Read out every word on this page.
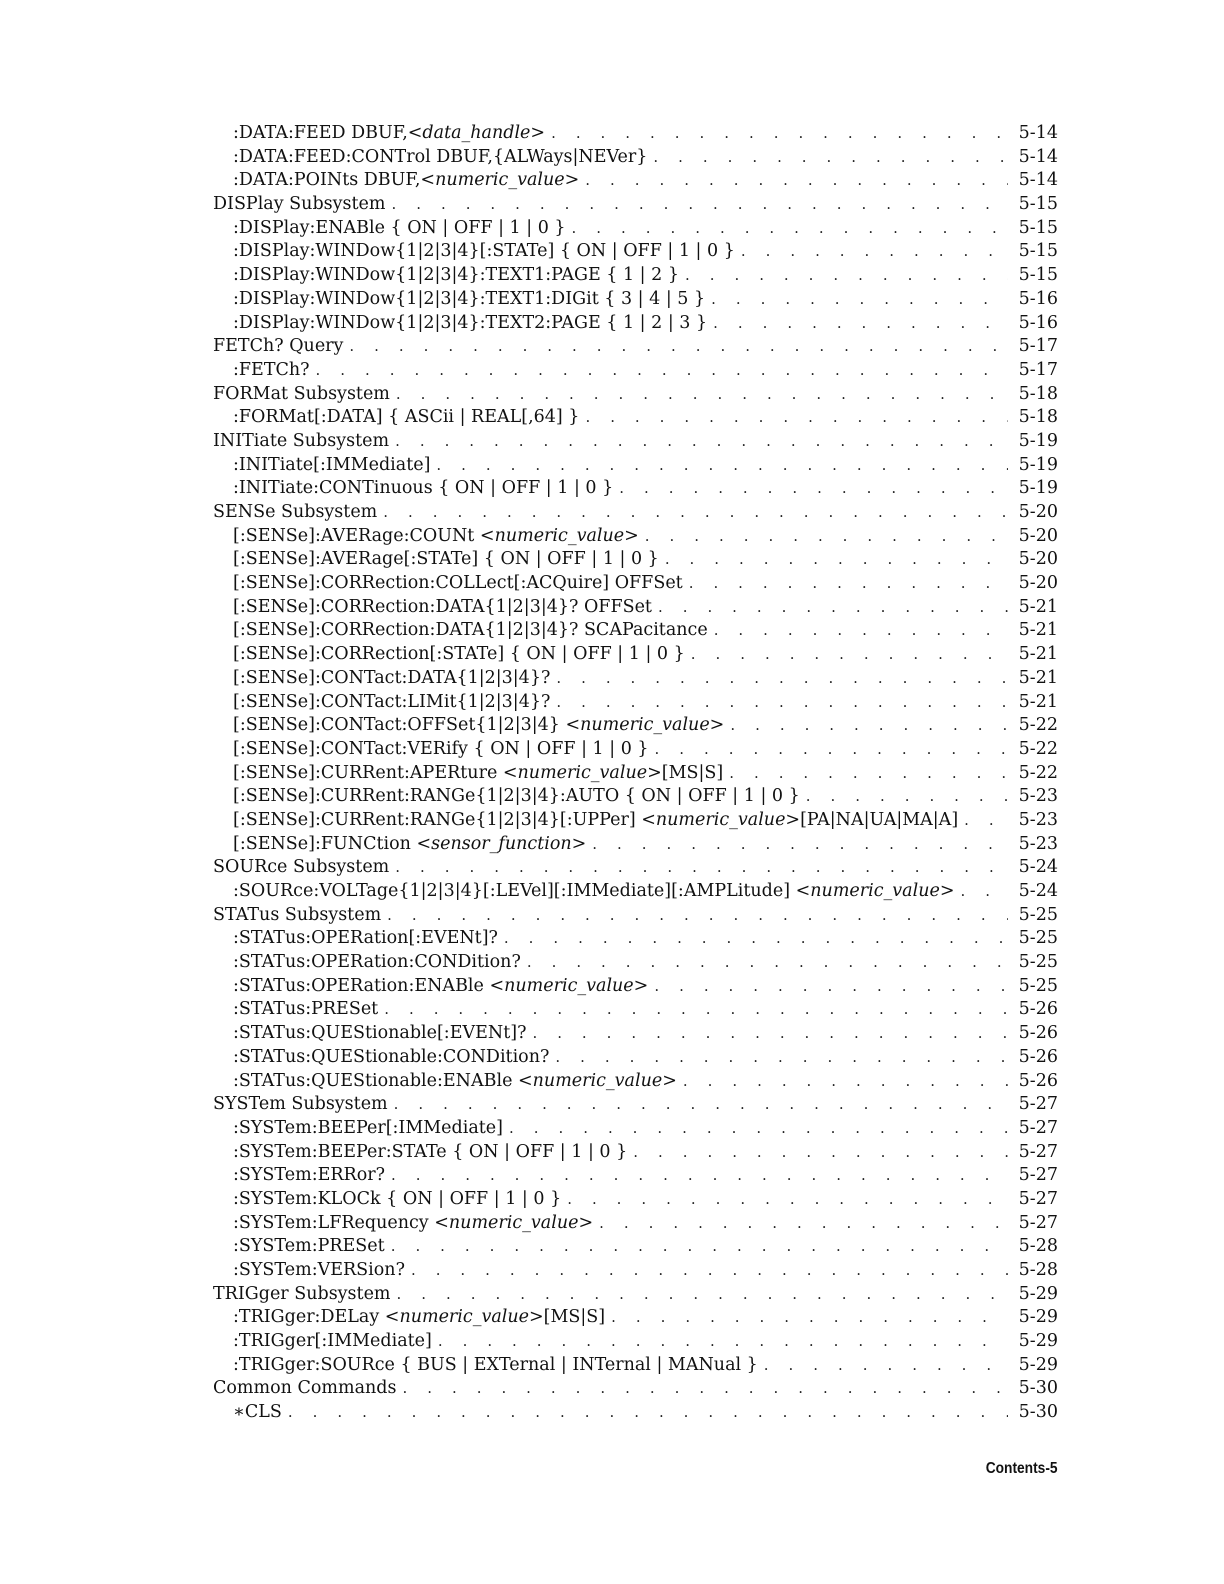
:DATA:FEED DBUF,<data_handle> . . .	5-14
:DATA:FEED:CONTrol DBUF,{ALWays|NEVer} . . .	5-14
:DATA:POINts DBUF,<numeric_value> . . .	5-14
DISPlay Subsystem . . .	5-15
:DISPlay:ENABle { ON | OFF | 1 | 0 } . . .	5-15
:DISPlay:WINDow{1|2|3|4}[:STATe] { ON | OFF | 1 | 0 } . . .	5-15
:DISPlay:WINDow{1|2|3|4}:TEXT1:PAGE { 1 | 2 } . . .	5-15
:DISPlay:WINDow{1|2|3|4}:TEXT1:DIGit { 3 | 4 | 5 } . . .	5-16
:DISPlay:WINDow{1|2|3|4}:TEXT2:PAGE { 1 | 2 | 3 } . . .	5-16
FETCh? Query . . .	5-17
:FETCh? . . .	5-17
FORMat Subsystem . . .	5-18
:FORMat[:DATA] { ASCii | REAL[,64] } . . .	5-18
INITiate Subsystem . . .	5-19
:INITiate[:IMMediate] . . .	5-19
:INITiate:CONTinuous { ON | OFF | 1 | 0 } . . .	5-19
SENSe Subsystem . . .	5-20
[:SENSe]:AVERage:COUNt <numeric_value> . . .	5-20
[:SENSe]:AVERage[:STATe] { ON | OFF | 1 | 0 } . . .	5-20
[:SENSe]:CORRection:COLLect[:ACQuire] OFFSet . . .	5-20
[:SENSe]:CORRection:DATA{1|2|3|4}? OFFSet . . .	5-21
[:SENSe]:CORRection:DATA{1|2|3|4}? SCAPacitance . . .	5-21
[:SENSe]:CORRection[:STATe] { ON | OFF | 1 | 0 } . . .	5-21
[:SENSe]:CONTact:DATA{1|2|3|4}? . . .	5-21
[:SENSe]:CONTact:LIMit{1|2|3|4}? . . .	5-21
[:SENSe]:CONTact:OFFSet{1|2|3|4} <numeric_value> . . .	5-22
[:SENSe]:CONTact:VERify { ON | OFF | 1 | 0 } . . .	5-22
[:SENSe]:CURRent:APERture <numeric_value>[MS|S] . . .	5-22
[:SENSe]:CURRent:RANGe{1|2|3|4}:AUTO { ON | OFF | 1 | 0 } . . .	5-23
[:SENSe]:CURRent:RANGe{1|2|3|4}[:UPPer] <numeric_value>[PA|NA|UA|MA|A] . . .	5-23
[:SENSe]:FUNCtion <sensor_function> . . .	5-23
SOURce Subsystem . . .	5-24
:SOURce:VOLTage{1|2|3|4}[:LEVel][:IMMediate][:AMPLitude] <numeric_value> . . .	5-24
STATus Subsystem . . .	5-25
:STATus:OPERation[:EVENt]? . . .	5-25
:STATus:OPERation:CONDition? . . .	5-25
:STATus:OPERation:ENABle <numeric_value> . . .	5-25
:STATus:PRESet . . .	5-26
:STATus:QUEStionable[:EVENt]? . . .	5-26
:STATus:QUEStionable:CONDition? . . .	5-26
:STATus:QUEStionable:ENABle <numeric_value> . . .	5-26
SYSTem Subsystem . . .	5-27
:SYSTem:BEEPer[:IMMediate] . . .	5-27
:SYSTem:BEEPer:STATe { ON | OFF | 1 | 0 } . . .	5-27
:SYSTem:ERRor? . . .	5-27
:SYSTem:KLOCk { ON | OFF | 1 | 0 } . . .	5-27
:SYSTem:LFRequency <numeric_value> . . .	5-27
:SYSTem:PRESet . . .	5-28
:SYSTem:VERSion? . . .	5-28
TRIGger Subsystem . . .	5-29
:TRIGger:DELay <numeric_value>[MS|S] . . .	5-29
:TRIGger[:IMMediate] . . .	5-29
:TRIGger:SOURce { BUS | EXTernal | INTernal | MANual } . . .	5-29
Common Commands . . .	5-30
∗CLS . . .	5-30
Contents-5
